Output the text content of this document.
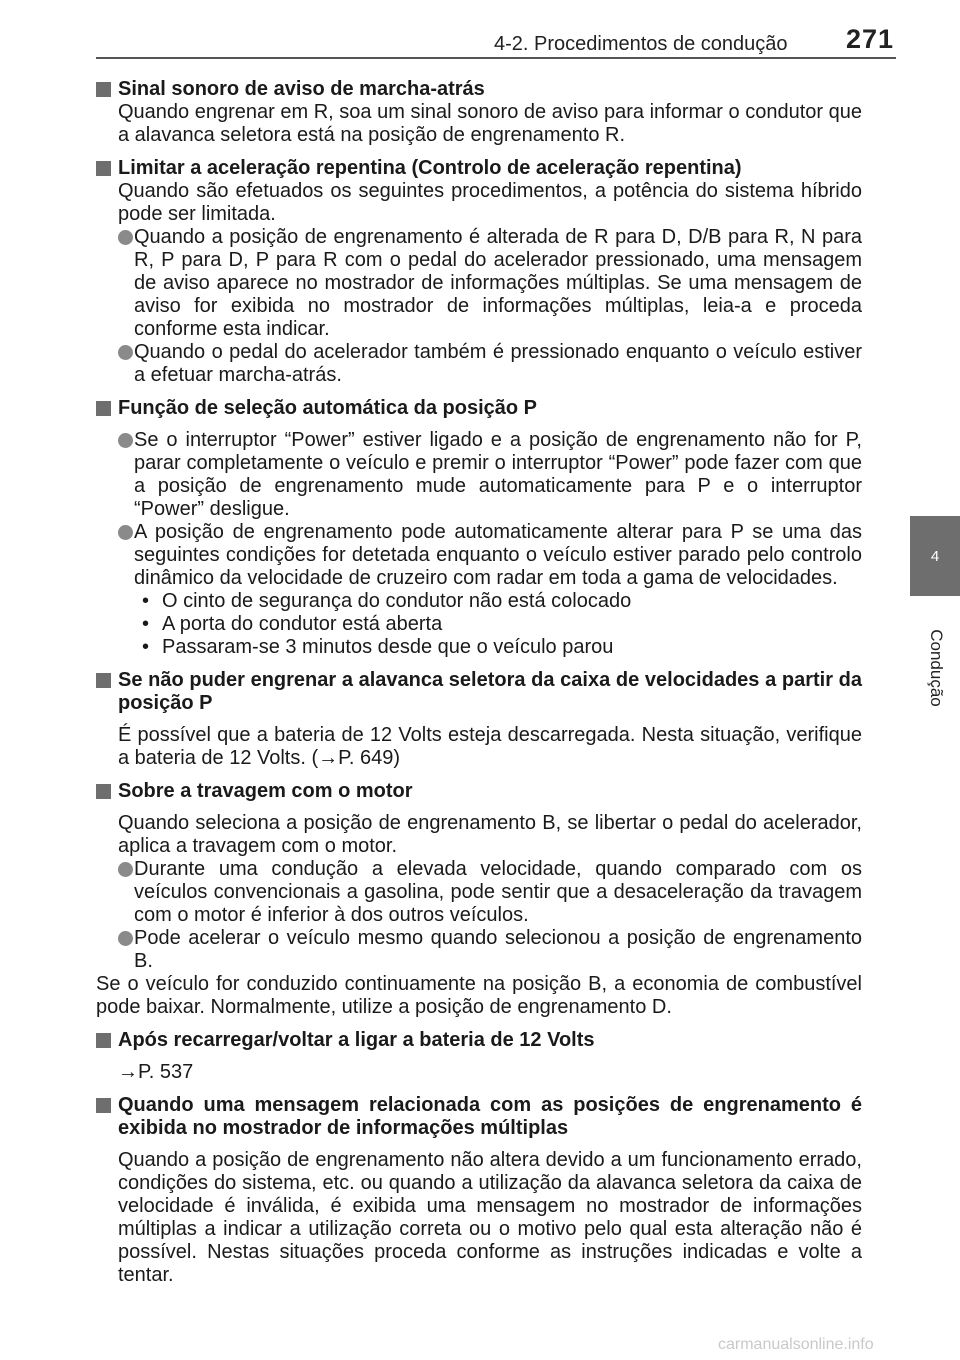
4-2. Procedimentos de condução 271
4
Condução
Sinal sonoro de aviso de marcha-atrás
Quando engrenar em R, soa um sinal sonoro de aviso para informar o condutor que a alavanca seletora está na posição de engrenamento R.
Limitar a aceleração repentina (Controlo de aceleração repentina)
Quando são efetuados os seguintes procedimentos, a potência do sistema híbrido pode ser limitada.
Quando a posição de engrenamento é alterada de R para D, D/B para R, N para R, P para D, P para R com o pedal do acelerador pressionado, uma mensagem de aviso aparece no mostrador de informações múltiplas. Se uma mensagem de aviso for exibida no mostrador de informações múltiplas, leia-a e proceda conforme esta indicar.
Quando o pedal do acelerador também é pressionado enquanto o veículo estiver a efetuar marcha-atrás.
Função de seleção automática da posição P
Se o interruptor “Power” estiver ligado e a posição de engrenamento não for P, parar completamente o veículo e premir o interruptor “Power” pode fazer com que a posição de engrenamento mude automaticamente para P e o interruptor “Power” desligue.
A posição de engrenamento pode automaticamente alterar para P se uma das seguintes condições for detetada enquanto o veículo estiver parado pelo controlo dinâmico da velocidade de cruzeiro com radar em toda a gama de velocidades.
• O cinto de segurança do condutor não está colocado
• A porta do condutor está aberta
• Passaram-se 3 minutos desde que o veículo parou
Se não puder engrenar a alavanca seletora da caixa de velocidades a partir da posição P
É possível que a bateria de 12 Volts esteja descarregada. Nesta situação, verifique a bateria de 12 Volts. (→P. 649)
Sobre a travagem com o motor
Quando seleciona a posição de engrenamento B, se libertar o pedal do acelerador, aplica a travagem com o motor.
Durante uma condução a elevada velocidade, quando comparado com os veículos convencionais a gasolina, pode sentir que a desaceleração da travagem com o motor é inferior à dos outros veículos.
Pode acelerar o veículo mesmo quando selecionou a posição de engrenamento B.
Se o veículo for conduzido continuamente na posição B, a economia de combustível pode baixar. Normalmente, utilize a posição de engrenamento D.
Após recarregar/voltar a ligar a bateria de 12 Volts
→P. 537
Quando uma mensagem relacionada com as posições de engrenamento é exibida no mostrador de informações múltiplas
Quando a posição de engrenamento não altera devido a um funcionamento errado, condições do sistema, etc. ou quando a utilização da alavanca seletora da caixa de velocidade é inválida, é exibida uma mensagem no mostrador de informações múltiplas a indicar a utilização correta ou o motivo pelo qual esta alteração não é possível. Nestas situações proceda conforme as instruções indicadas e volte a tentar.
carmanualsonline.info
